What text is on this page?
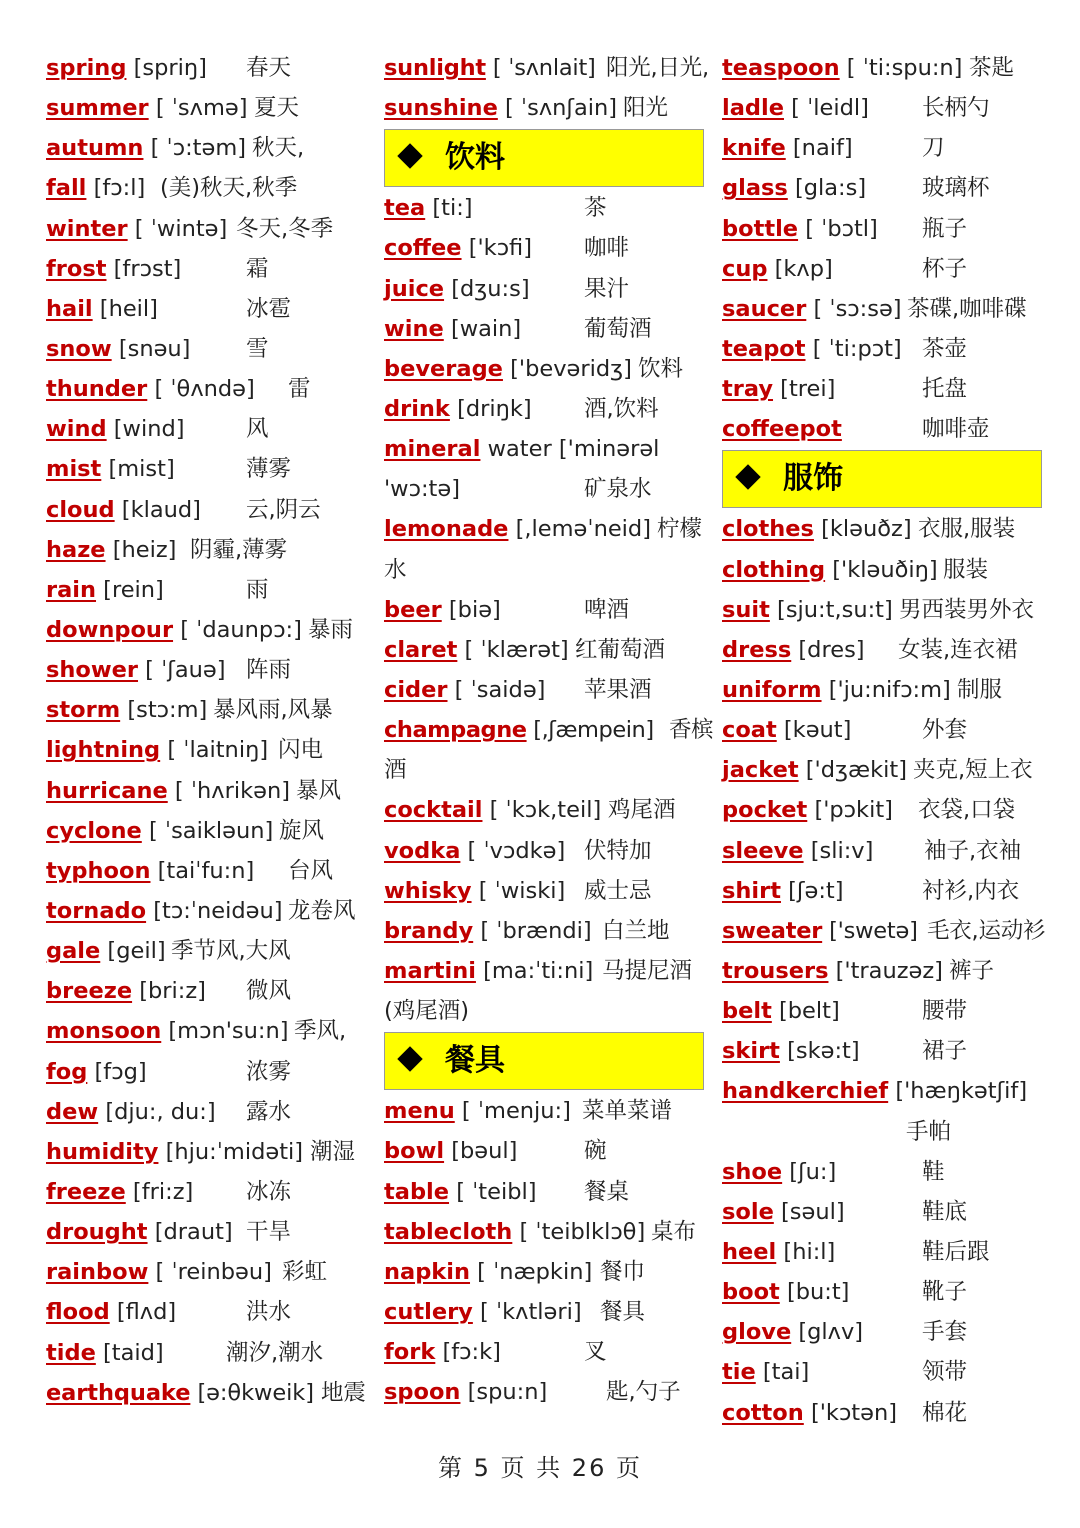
spring [spriŋ] 春天
summer [ ˈsʌmə] 夏天
autumn [ ˈɔ:təm] 秋天,
fall [fɔ:l] (美)秋天,秋季
winter [ ˈwintə] 冬天,冬季
frost [frɔst]	霜
hail [heil]	冰雹
snow [snəu] 雪
thunder [ ˈθʌndə] 雷
wind [wind]	风
mist [mist]	薄雾
cloud [klaud] 云,阴云
haze [heiz] 阴霾,薄雾
rain [rein]	雨
downpour [ ˈdaunpɔ:] 暴雨
shower [ ˈʃauə] 阵雨
storm [stɔ:m] 暴风雨,风暴
lightning [ ˈlaitniŋ] 闪电
hurricane [ ˈhʌrikən] 暴风
cyclone [ ˈsaikləun] 旋风
typhoon [taiˈfu:n] 台风
tornado [tɔ:ˈneidəu] 龙卷风
gale [geil] 季节风,大风
breeze [bri:z] 微风
monsoon [mɔn'su:n] 季风,
fog [fɔg]	浓雾
dew [dju:, du:] 露水
humidity [hju:ˈmidəti] 潮湿
freeze [fri:z] 冰冻
drought [draut] 干旱
rainbow [ ˈreinbəu] 彩虹
flood [flʌd]	洪水
tide [taid]	潮汐,潮水
earthquake [ə:θkweik] 地震
sunlight [ ˈsʌnlait] 阳光,日光,
sunshine [ ˈsʌnʃain] 阳光
饮料
tea [ti:]	茶
coffee ['kɔfi] 咖啡
juice [dʒu:s] 果汁
wine [wain]	葡萄酒
beverage ['bevəridʒ] 饮料
drink [driŋk] 酒,饮料
mineral water ['minərəl
'wɔ:tə]	矿泉水
lemonade [,leməˈneid] 柠檬
水
beer [biə]	啤酒
claret [ ˈklærət] 红葡萄酒
cider [ ˈsaidə] 苹果酒
champagne [,ʃæmpein] 香槟
酒
cocktail [ ˈkɔk,teil] 鸡尾酒
vodka [ ˈvɔdkə] 伏特加
whisky [ ˈwiski] 威士忌
brandy [ ˈbrændi] 白兰地
martini [ma:ˈti:ni] 马提尼酒
(鸡尾酒)
餐具
menu [ ˈmenju:] 菜单菜谱
bowl [bəul]	碗
table [ ˈteibl] 餐桌
tablecloth [ ˈteiblklɔθ] 桌布
napkin [ ˈnæpkin] 餐巾
cutlery [ ˈkʌtləri] 餐具
fork [fɔ:k]	叉
spoon [spu:n]	匙,勺子
teaspoon [ ˈti:spu:n] 茶匙
ladle [ ˈleidl] 长柄勺
knife [naif]	刀
glass [gla:s] 玻璃杯
bottle [ ˈbɔtl] 瓶子
cup [kʌp]	杯子
saucer [ ˈsɔ:sə] 茶碟,咖啡碟
teapot [ ˈti:pɔt] 茶壶
tray [trei]	托盘
coffeepot	咖啡壶
服饰
clothes [kləuðz] 衣服,服装
clothing ['kləuðiŋ] 服装
suit [sju:t,su:t] 男西装男外衣
dress [dres] 女装,连衣裙
uniform ['ju:nifɔ:m] 制服
coat [kəut]	外套
jacket ['dʒækit] 夹克,短上衣
pocket ['pɔkit] 衣袋,口袋
sleeve [sli:v] 袖子,衣袖
shirt [ʃə:t]	衬衫,内衣
sweater ['swetə] 毛衣,运动衫
trousers ['trauzəz] 裤子
belt [belt]	腰带
skirt [skə:t]	裙子
handkerchief ['hæŋkətʃif]
手帕
shoe [ʃu:]	鞋
sole [səul]	鞋底
heel [hi:l]	鞋后跟
boot [bu:t]	靴子
glove [glʌv]	手套
tie [tai]	领带
cotton ['kɔtən] 棉花
第 5 页 共 26 页
